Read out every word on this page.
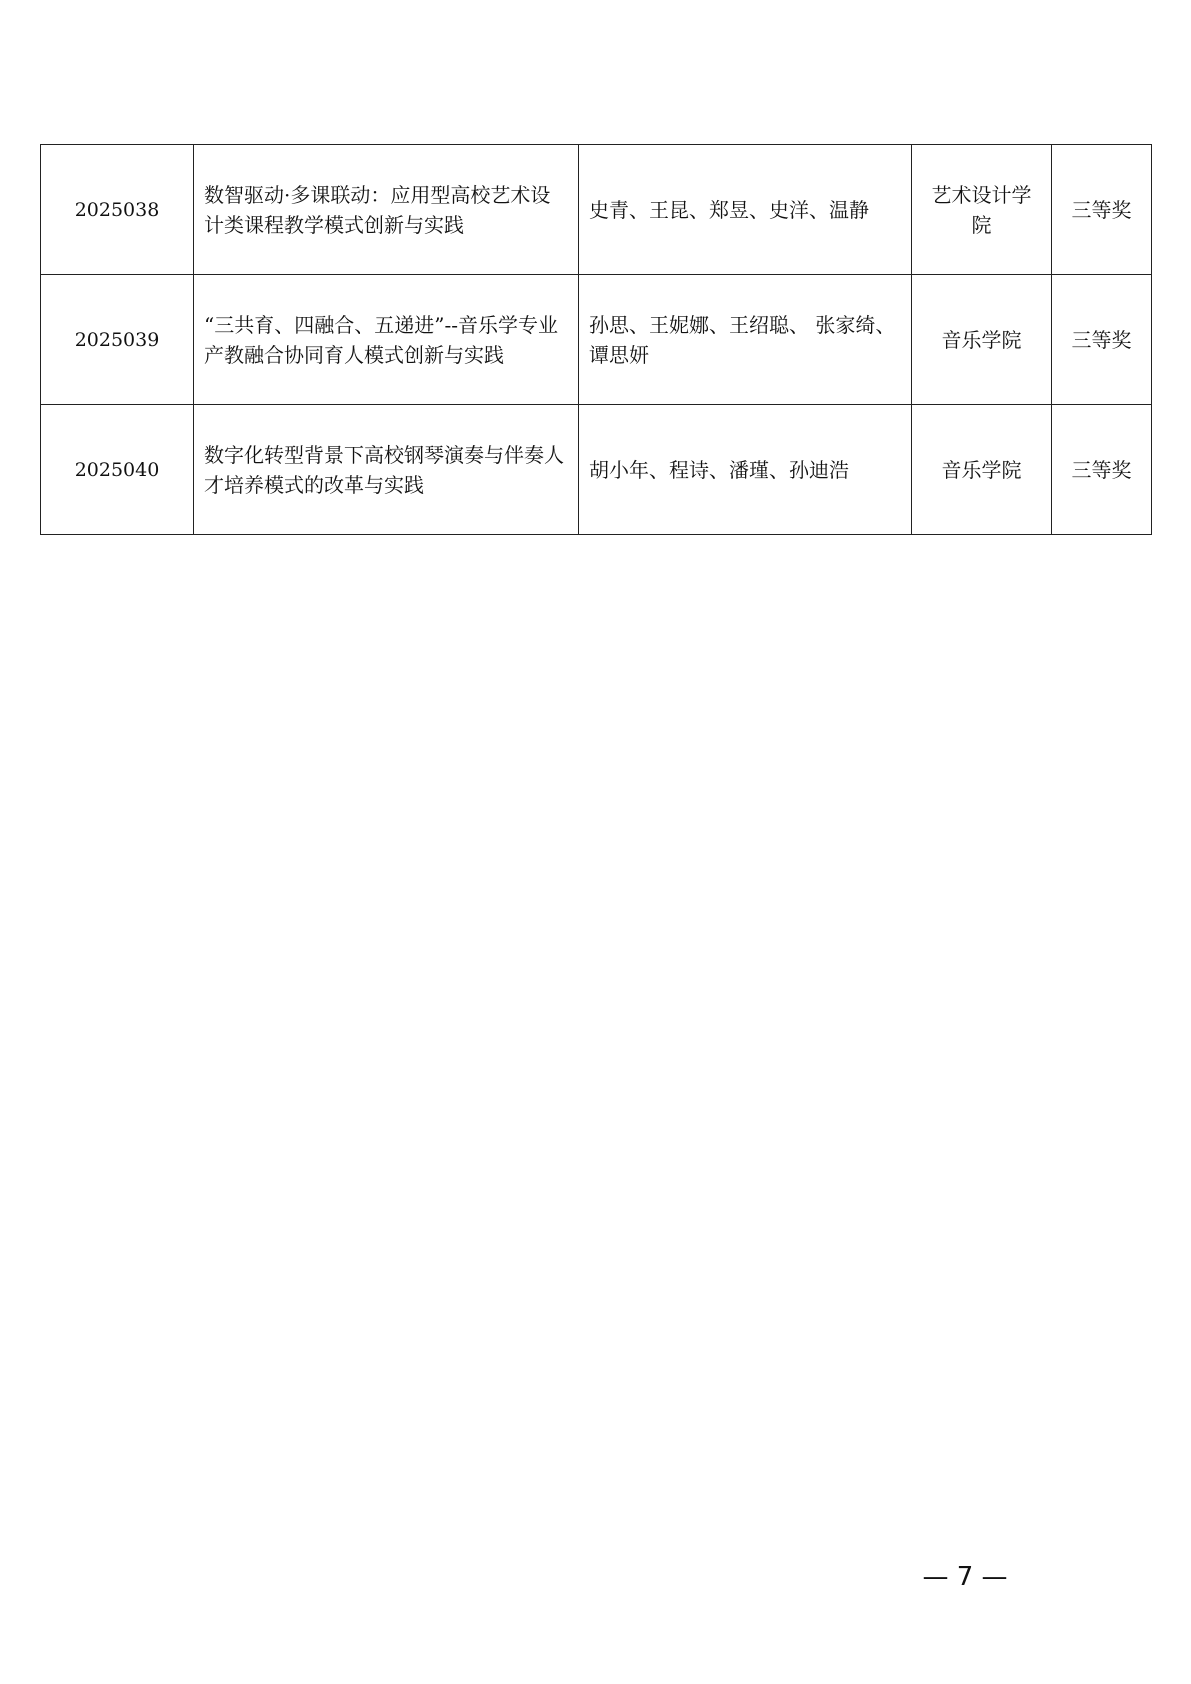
2025038	数智驱动·多课联动：应用型高校艺术设计类课程教学模式创新与实践	史青、王昆、郑昱、史洋、温静	艺术设计学院	三等奖
2025039	“三共育、四融合、五递进”--音乐学专业产教融合协同育人模式创新与实践	孙思、王妮娜、王绍聪、 张家绮、谭思妍	音乐学院	三等奖
2025040	数字化转型背景下高校钢琴演奏与伴奏人才培养模式的改革与实践	胡小年、程诗、潘瑾、孙迪浩	音乐学院	三等奖
— 7 —
